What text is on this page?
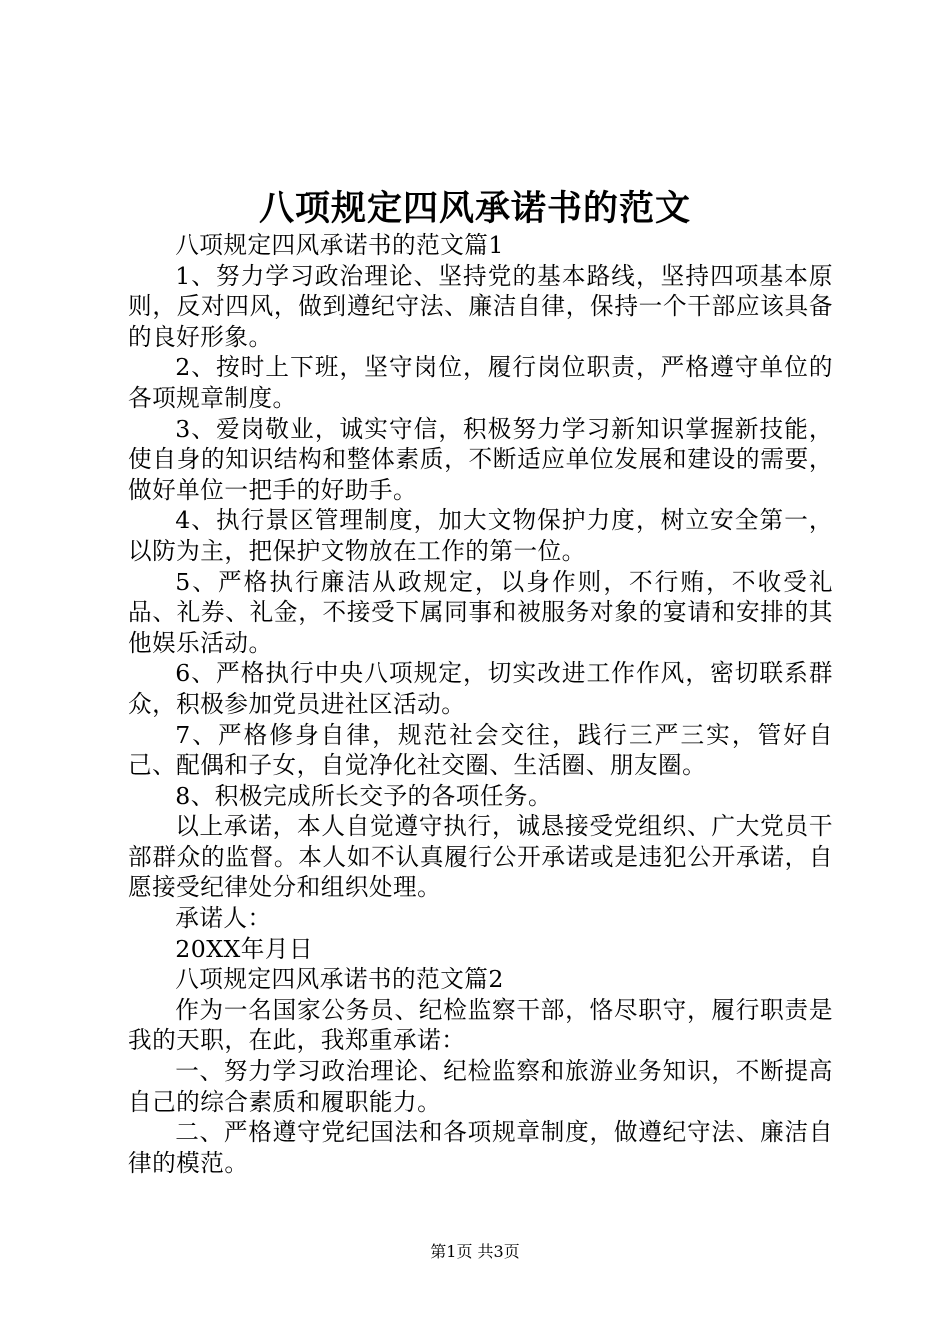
八项规定四风承诺书的范文

八项规定四风承诺书的范文篇1

1、努力学习政治理论、坚持党的基本路线，坚持四项基本原则，反对四风，做到遵纪守法、廉洁自律，保持一个干部应该具备的良好形象。

2、按时上下班，坚守岗位，履行岗位职责，严格遵守单位的各项规章制度。

3、爱岗敬业，诚实守信，积极努力学习新知识掌握新技能，使自身的知识结构和整体素质，不断适应单位发展和建设的需要，做好单位一把手的好助手。

4、执行景区管理制度，加大文物保护力度，树立安全第一，以防为主，把保护文物放在工作的第一位。

5、严格执行廉洁从政规定，以身作则，不行贿，不收受礼品、礼券、礼金，不接受下属同事和被服务对象的宴请和安排的其他娱乐活动。

6、严格执行中央八项规定，切实改进工作作风，密切联系群众，积极参加党员进社区活动。

7、严格修身自律，规范社会交往，践行三严三实，管好自己、配偶和子女，自觉净化社交圈、生活圈、朋友圈。

8、积极完成所长交予的各项任务。

以上承诺，本人自觉遵守执行，诚恳接受党组织、广大党员干部群众的监督。本人如不认真履行公开承诺或是违犯公开承诺，自愿接受纪律处分和组织处理。

承诺人：

20XX年月日

八项规定四风承诺书的范文篇2

作为一名国家公务员、纪检监察干部，恪尽职守，履行职责是我的天职，在此，我郑重承诺：

一、努力学习政治理论、纪检监察和旅游业务知识，不断提高自己的综合素质和履职能力。

二、严格遵守党纪国法和各项规章制度，做遵纪守法、廉洁自律的模范。

第1页 共3页
